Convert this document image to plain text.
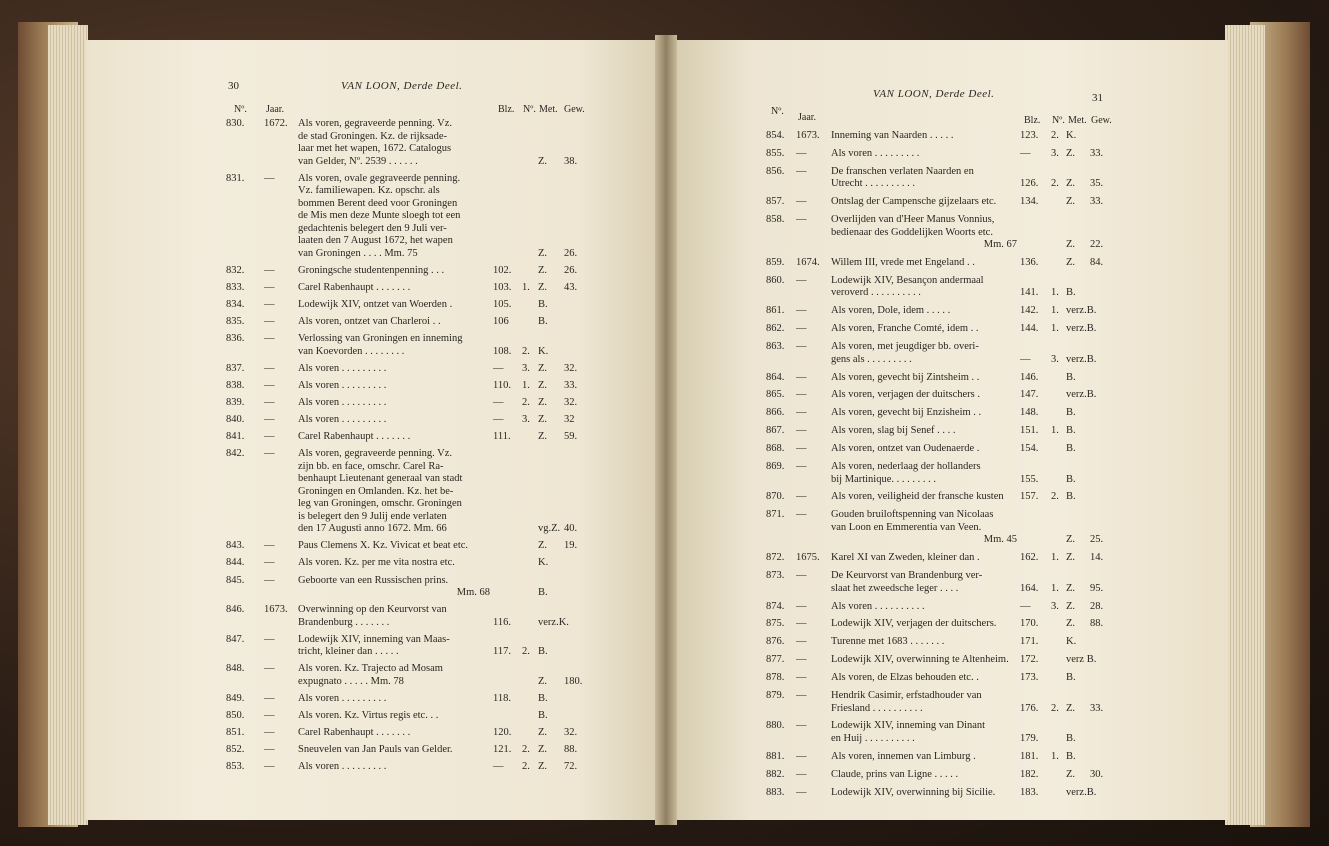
30	VAN LOON, Derde Deel.
Nº. Jaar.	Blz. Nº. Met. Gew.
830.	1672. Als voren, gegraveerde penning. Vz.
de stad Groningen. Kz. de rijksade-
laar met het wapen, 1672. Catalogus
van Gelder, Nº. 2539 . . . . . .	Z. 38.
831.	—	Als voren, ovale gegraveerde penning.
Vz. familiewapen. Kz. opschr. als
bommen Berent deed voor Groningen
de Mis men deze Munte sloegh tot een
gedachtenis belegert den 9 Juli ver-
laaten den 7 August 1672, het wapen
van Groningen . . . . Mm. 75	Z. 26.
832.	—	Groningsche studentenpenning . . .	102.	Z. 26.
833.	—	Carel Rabenhaupt . . . . . . .	103. 1. Z. 43.
834.	—	Lodewijk XIV, ontzet van Woerden .	105.	B.
835.	—	Als voren, ontzet van Charleroi . .	106	B.
836.	—	Verlossing van Groningen en inneming
van Koevorden . . . . . . . .	108. 2. K.
837.	—	Als voren . . . . . . . . .	— 3. Z. 32.
838.	—	Als voren . . . . . . . . .	110. 1. Z. 33.
839.	—	Als voren . . . . . . . . .	— 2. Z. 32.
840.	—	Als voren . . . . . . . . .	— 3. Z. 32
841.	—	Carel Rabenhaupt . . . . . . .	111.	Z. 59.
842.	—	Als voren, gegraveerde penning. Vz.
zijn bb. en face, omschr. Carel Ra-
benhaupt Lieutenant generaal van stadt
Groningen en Omlanden. Kz. het be-
leg van Groningen, omschr. Groningen
is belegert den 9 Julij ende verlaten
den 17 Augusti anno 1672. Mm. 66	vg.Z. 40.
843.	—	Paus Clemens X. Kz. Vivicat et beat etc.	Z. 19.
844.	—	Als voren. Kz. per me vita nostra etc.	K.
845.	—	Geboorte van een Russischen prins.
Mm. 68	B.
846.	1673. Overwinning op den Keurvorst van
Brandenburg . . . . . . .	116.	verz.K.
847.	—	Lodewijk XIV, inneming van Maas-
tricht, kleiner dan . . . . .	117. 2. B.
848.	—	Als voren. Kz. Trajecto ad Mosam
expugnato . . . . . Mm. 78	Z. 180.
849.	—	Als voren . . . . . . . . .	118.	B.
850.	—	Als voren. Kz. Virtus regis etc. . .	B.
851.	—	Carel Rabenhaupt . . . . . . .	120.	Z. 32.
852.	—	Sneuvelen van Jan Pauls van Gelder.	121. 2. Z. 88.
853.	—	Als voren . . . . . . . . .	— 2. Z. 72.
31
VAN LOON, Derde Deel.
Nº.
Jaar.	Blz. Nº. Met. Gew.
854.	1673.	Inneming van Naarden . . . . .	123. 2. K.
855.	—	Als voren . . . . . . . . .	— 3. Z. 33.
856.	—	De franschen verlaten Naarden en
Utrecht . . . . . . . . . .	126. 2. Z. 35.
857.	—	Ontslag der Campensche gijzelaars etc.	134.	Z. 33.
858.	—	Overlijden van d'Heer Manus Vonnius,
bedienaar des Goddelijken Woorts etc.
Mm. 67	Z. 22.
859.	1674.	Willem III, vrede met Engeland . .	136.	Z. 84.
860.	—	Lodewijk XIV, Besançon andermaal
veroverd . . . . . . . . . .	141. 1. B.
861.	—	Als voren, Dole, idem . . . . .	142. 1. verz.B.
862.	—	Als voren, Franche Comté, idem . .	144. 1. verz.B.
863.	—	Als voren, met jeugdiger bb. overi-
gens als . . . . . . . . .	— 3. verz.B.
864.	—	Als voren, gevecht bij Zintsheim . .	146.	B.
865.	—	Als voren, verjagen der duitschers .	147.	verz.B.
866.	—	Als voren, gevecht bij Enzisheim . .	148.	B.
867.	—	Als voren, slag bij Senef . . . .	151. 1. B.
868.	—	Als voren, ontzet van Oudenaerde .	154.	B.
869.	—	Als voren, nederlaag der hollanders
bij Martinique. . . . . . . . .	155.	B.
870.	—	Als voren, veiligheid der fransche kusten	157. 2. B.
871.	—	Gouden bruiloftspenning van Nicolaas
van Loon en Emmerentia van Veen.
Mm. 45	Z. 25.
872.	1675.	Karel XI van Zweden, kleiner dan .	162. 1. Z. 14.
873.	—	De Keurvorst van Brandenburg ver-
slaat het zweedsche leger . . . .	164. 1. Z. 95.
874.	—	Als voren . . . . . . . . . .	— 3. Z. 28.
875.	—	Lodewijk XIV, verjagen der duitschers.	170.	Z. 88.
876.	—	Turenne met 1683 . . . . . . .	171.	K.
877.	—	Lodewijk XIV, overwinning te Altenheim.	172.	verz B.
878.	—	Als voren, de Elzas behouden etc. .	173.	B.
879.	—	Hendrik Casimir, erfstadhouder van
Friesland . . . . . . . . . .	176. 2. Z. 33.
880.	—	Lodewijk XIV, inneming van Dinant
en Huij . . . . . . . . . .	179.	B.
881.	—	Als voren, innemen van Limburg .	181. 1. B.
882.	—	Claude, prins van Ligne . . . . .	182.	Z. 30.
883.	—	Lodewijk XIV, overwinning bij Sicilie.	183.	verz.B.
